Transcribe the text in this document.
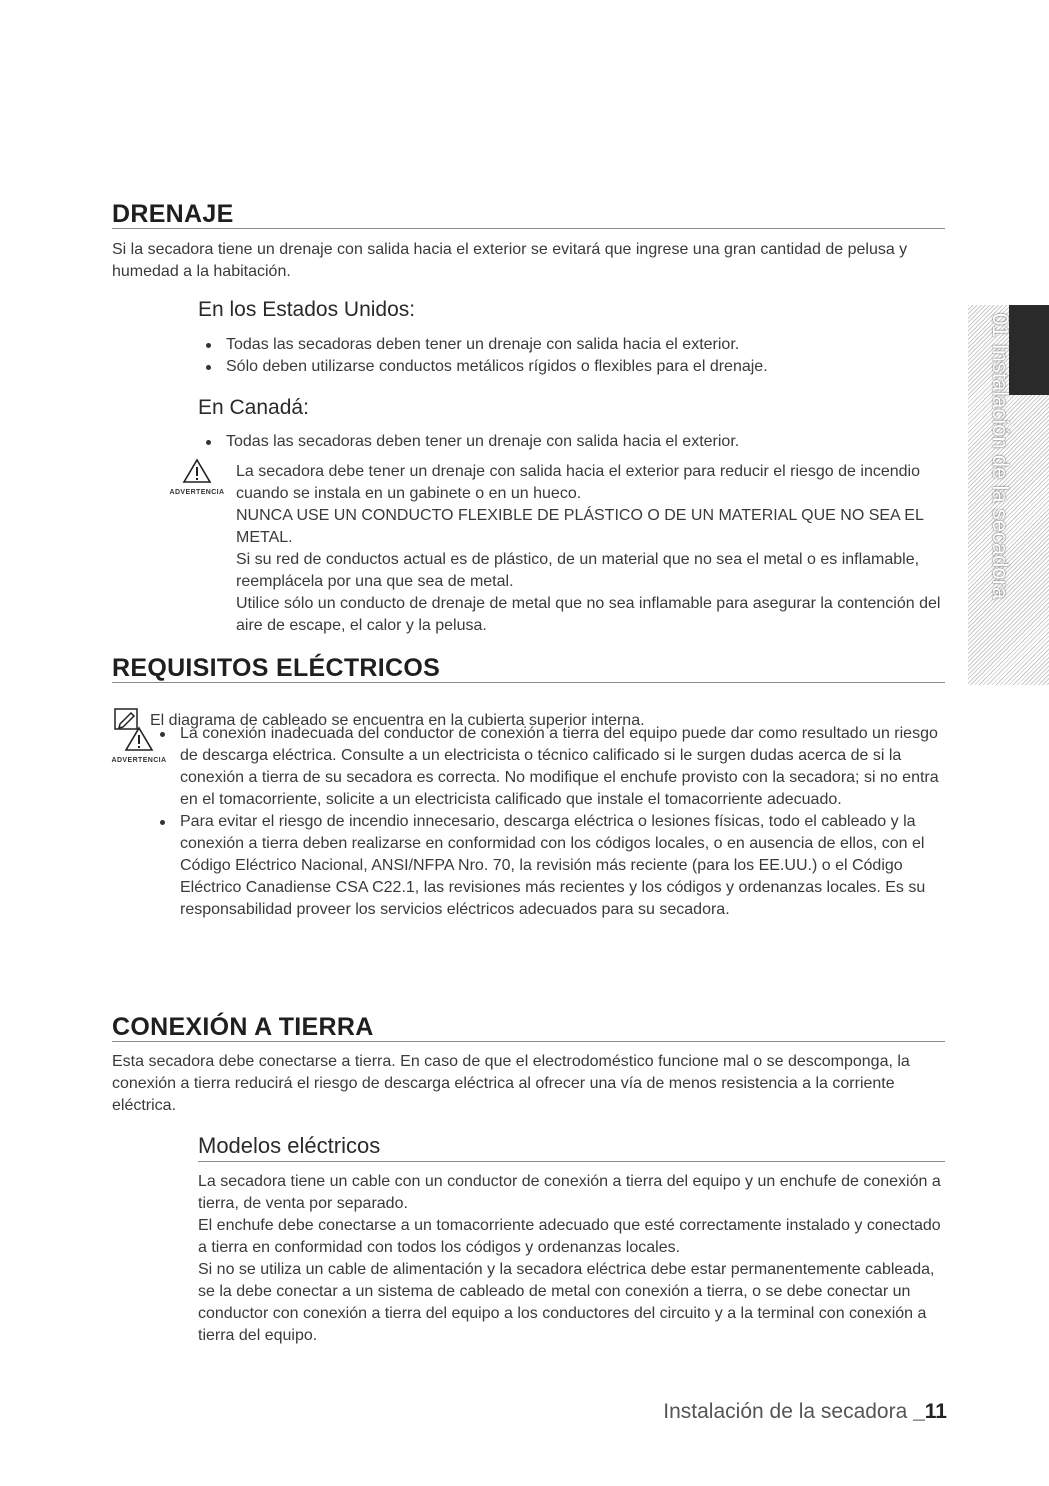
01 Instalación de la secadora
DRENAJE

Si la secadora tiene un drenaje con salida hacia el exterior se evitará que ingrese una gran cantidad de pelusa y humedad a la habitación.

En los Estados Unidos:
Todas las secadoras deben tener un drenaje con salida hacia el exterior.
Sólo deben utilizarse conductos metálicos rígidos o flexibles para el drenaje.
En Canadá:
Todas las secadoras deben tener un drenaje con salida hacia el exterior.
ADVERTENCIA

La secadora debe tener un drenaje con salida hacia el exterior para reducir el riesgo de incendio cuando se instala en un gabinete o en un hueco.

NUNCA USE UN CONDUCTO FLEXIBLE DE PLÁSTICO O DE UN MATERIAL QUE NO SEA EL METAL.

Si su red de conductos actual es de plástico, de un material que no sea el metal o es inflamable, reemplácela por una que sea de metal.

Utilice sólo un conducto de drenaje de metal que no sea inflamable para asegurar la contención del aire de escape, el calor y la pelusa.

REQUISITOS ELÉCTRICOS

El diagrama de cableado se encuentra en la cubierta superior interna.

ADVERTENCIA
La conexión inadecuada del conductor de conexión a tierra del equipo puede dar como resultado un riesgo de descarga eléctrica. Consulte a un electricista o técnico calificado si le surgen dudas acerca de si la conexión a tierra de su secadora es correcta. No modifique el enchufe provisto con la secadora; si no entra en el tomacorriente, solicite a un electricista calificado que instale el tomacorriente adecuado.
Para evitar el riesgo de incendio innecesario, descarga eléctrica o lesiones físicas, todo el cableado y la conexión a tierra deben realizarse en conformidad con los códigos locales, o en ausencia de ellos, con el Código Eléctrico Nacional, ANSI/NFPA Nro. 70, la revisión más reciente (para los EE.UU.) o el Código Eléctrico Canadiense CSA C22.1, las revisiones más recientes y los códigos y ordenanzas locales. Es su responsabilidad proveer los servicios eléctricos adecuados para su secadora.
CONEXIÓN A TIERRA

Esta secadora debe conectarse a tierra. En caso de que el electrodoméstico funcione mal o se descomponga, la conexión a tierra reducirá el riesgo de descarga eléctrica al ofrecer una vía de menos resistencia a la corriente eléctrica.

Modelos eléctricos

La secadora tiene un cable con un conductor de conexión a tierra del equipo y un enchufe de conexión a tierra, de venta por separado.

El enchufe debe conectarse a un tomacorriente adecuado que esté correctamente instalado y conectado a tierra en conformidad con todos los códigos y ordenanzas locales.

Si no se utiliza un cable de alimentación y la secadora eléctrica debe estar permanentemente cableada, se la debe conectar a un sistema de cableado de metal con conexión a tierra, o se debe conectar un conductor con conexión a tierra del equipo a los conductores del circuito y a la terminal con conexión a tierra del equipo.

Instalación de la secadora _11
